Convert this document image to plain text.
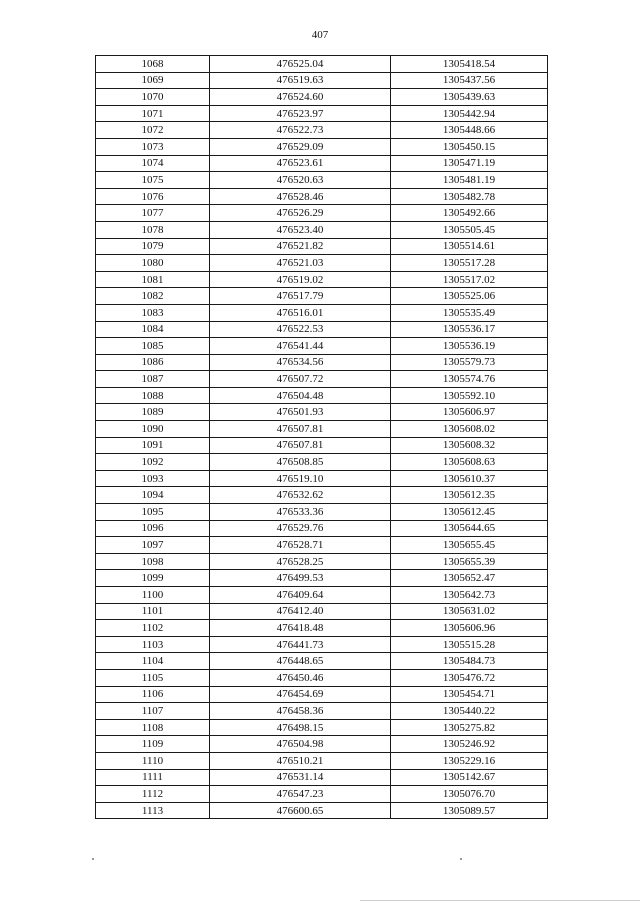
407
1068	476525.04	1305418.54
1069	476519.63	1305437.56
1070	476524.60	1305439.63
1071	476523.97	1305442.94
1072	476522.73	1305448.66
1073	476529.09	1305450.15
1074	476523.61	1305471.19
1075	476520.63	1305481.19
1076	476528.46	1305482.78
1077	476526.29	1305492.66
1078	476523.40	1305505.45
1079	476521.82	1305514.61
1080	476521.03	1305517.28
1081	476519.02	1305517.02
1082	476517.79	1305525.06
1083	476516.01	1305535.49
1084	476522.53	1305536.17
1085	476541.44	1305536.19
1086	476534.56	1305579.73
1087	476507.72	1305574.76
1088	476504.48	1305592.10
1089	476501.93	1305606.97
1090	476507.81	1305608.02
1091	476507.81	1305608.32
1092	476508.85	1305608.63
1093	476519.10	1305610.37
1094	476532.62	1305612.35
1095	476533.36	1305612.45
1096	476529.76	1305644.65
1097	476528.71	1305655.45
1098	476528.25	1305655.39
1099	476499.53	1305652.47
1100	476409.64	1305642.73
1101	476412.40	1305631.02
1102	476418.48	1305606.96
1103	476441.73	1305515.28
1104	476448.65	1305484.73
1105	476450.46	1305476.72
1106	476454.69	1305454.71
1107	476458.36	1305440.22
1108	476498.15	1305275.82
1109	476504.98	1305246.92
1110	476510.21	1305229.16
1111	476531.14	1305142.67
1112	476547.23	1305076.70
1113	476600.65	1305089.57
